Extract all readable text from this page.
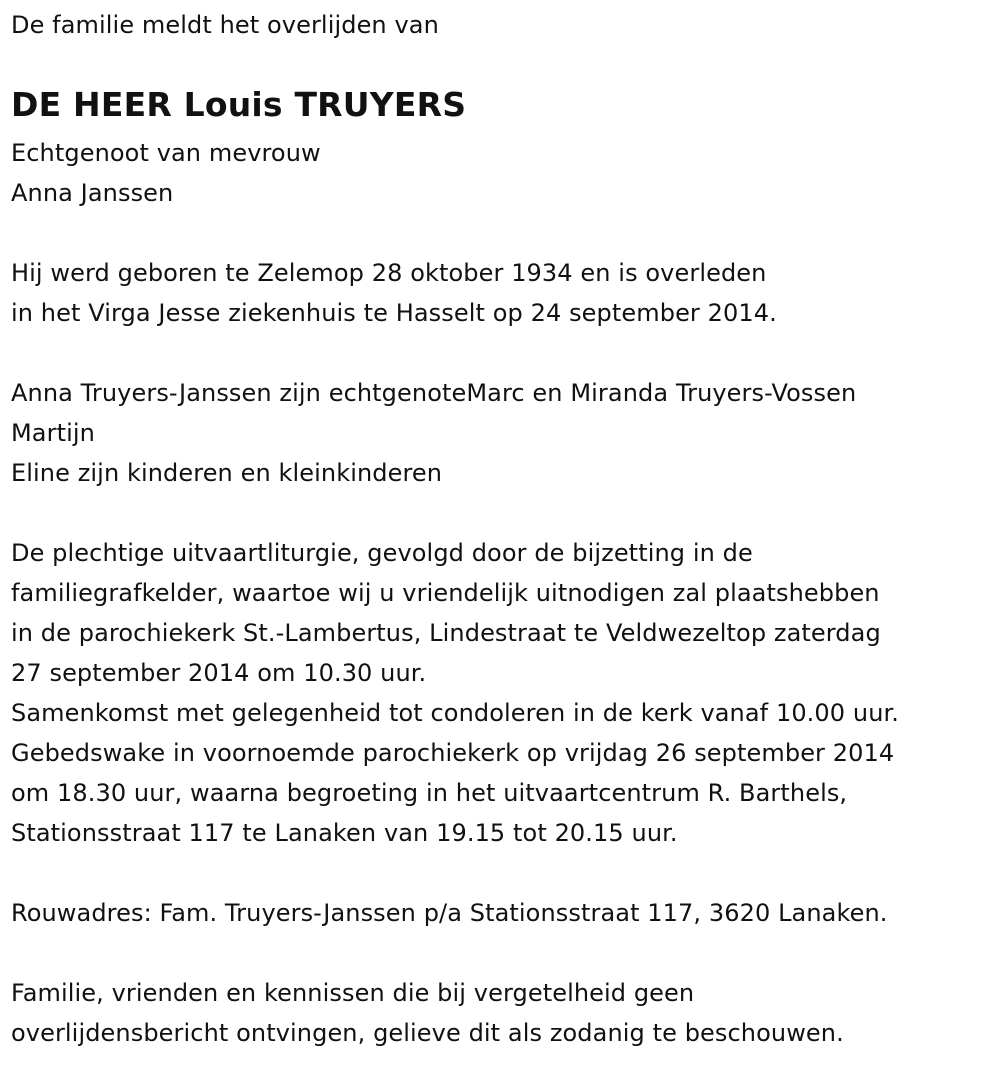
De familie meldt het overlijden van
DE HEER Louis TRUYERS
Echtgenoot van mevrouw
Anna Janssen
Hij werd geboren te Zelemop 28 oktober 1934 en is overleden
in het Virga Jesse ziekenhuis te Hasselt op 24 september 2014.
Anna Truyers-Janssen zijn echtgenoteMarc en Miranda Truyers-Vossen
Martijn
Eline zijn kinderen en kleinkinderen
De plechtige uitvaartliturgie, gevolgd door de bijzetting in de
familiegrafkelder, waartoe wij u vriendelijk uitnodigen zal plaatshebben
in de parochiekerk St.-Lambertus, Lindestraat te Veldwezeltop zaterdag
27 september 2014 om 10.30 uur.
Samenkomst met gelegenheid tot condoleren in de kerk vanaf 10.00 uur.
Gebedswake in voornoemde parochiekerk op vrijdag 26 september 2014
om 18.30 uur, waarna begroeting in het uitvaartcentrum R. Barthels,
Stationsstraat 117 te Lanaken van 19.15 tot 20.15 uur.
Rouwadres: Fam. Truyers-Janssen p/a Stationsstraat 117, 3620 Lanaken.
Familie, vrienden en kennissen die bij vergetelheid geen
overlijdensbericht ontvingen, gelieve dit als zodanig te beschouwen.
